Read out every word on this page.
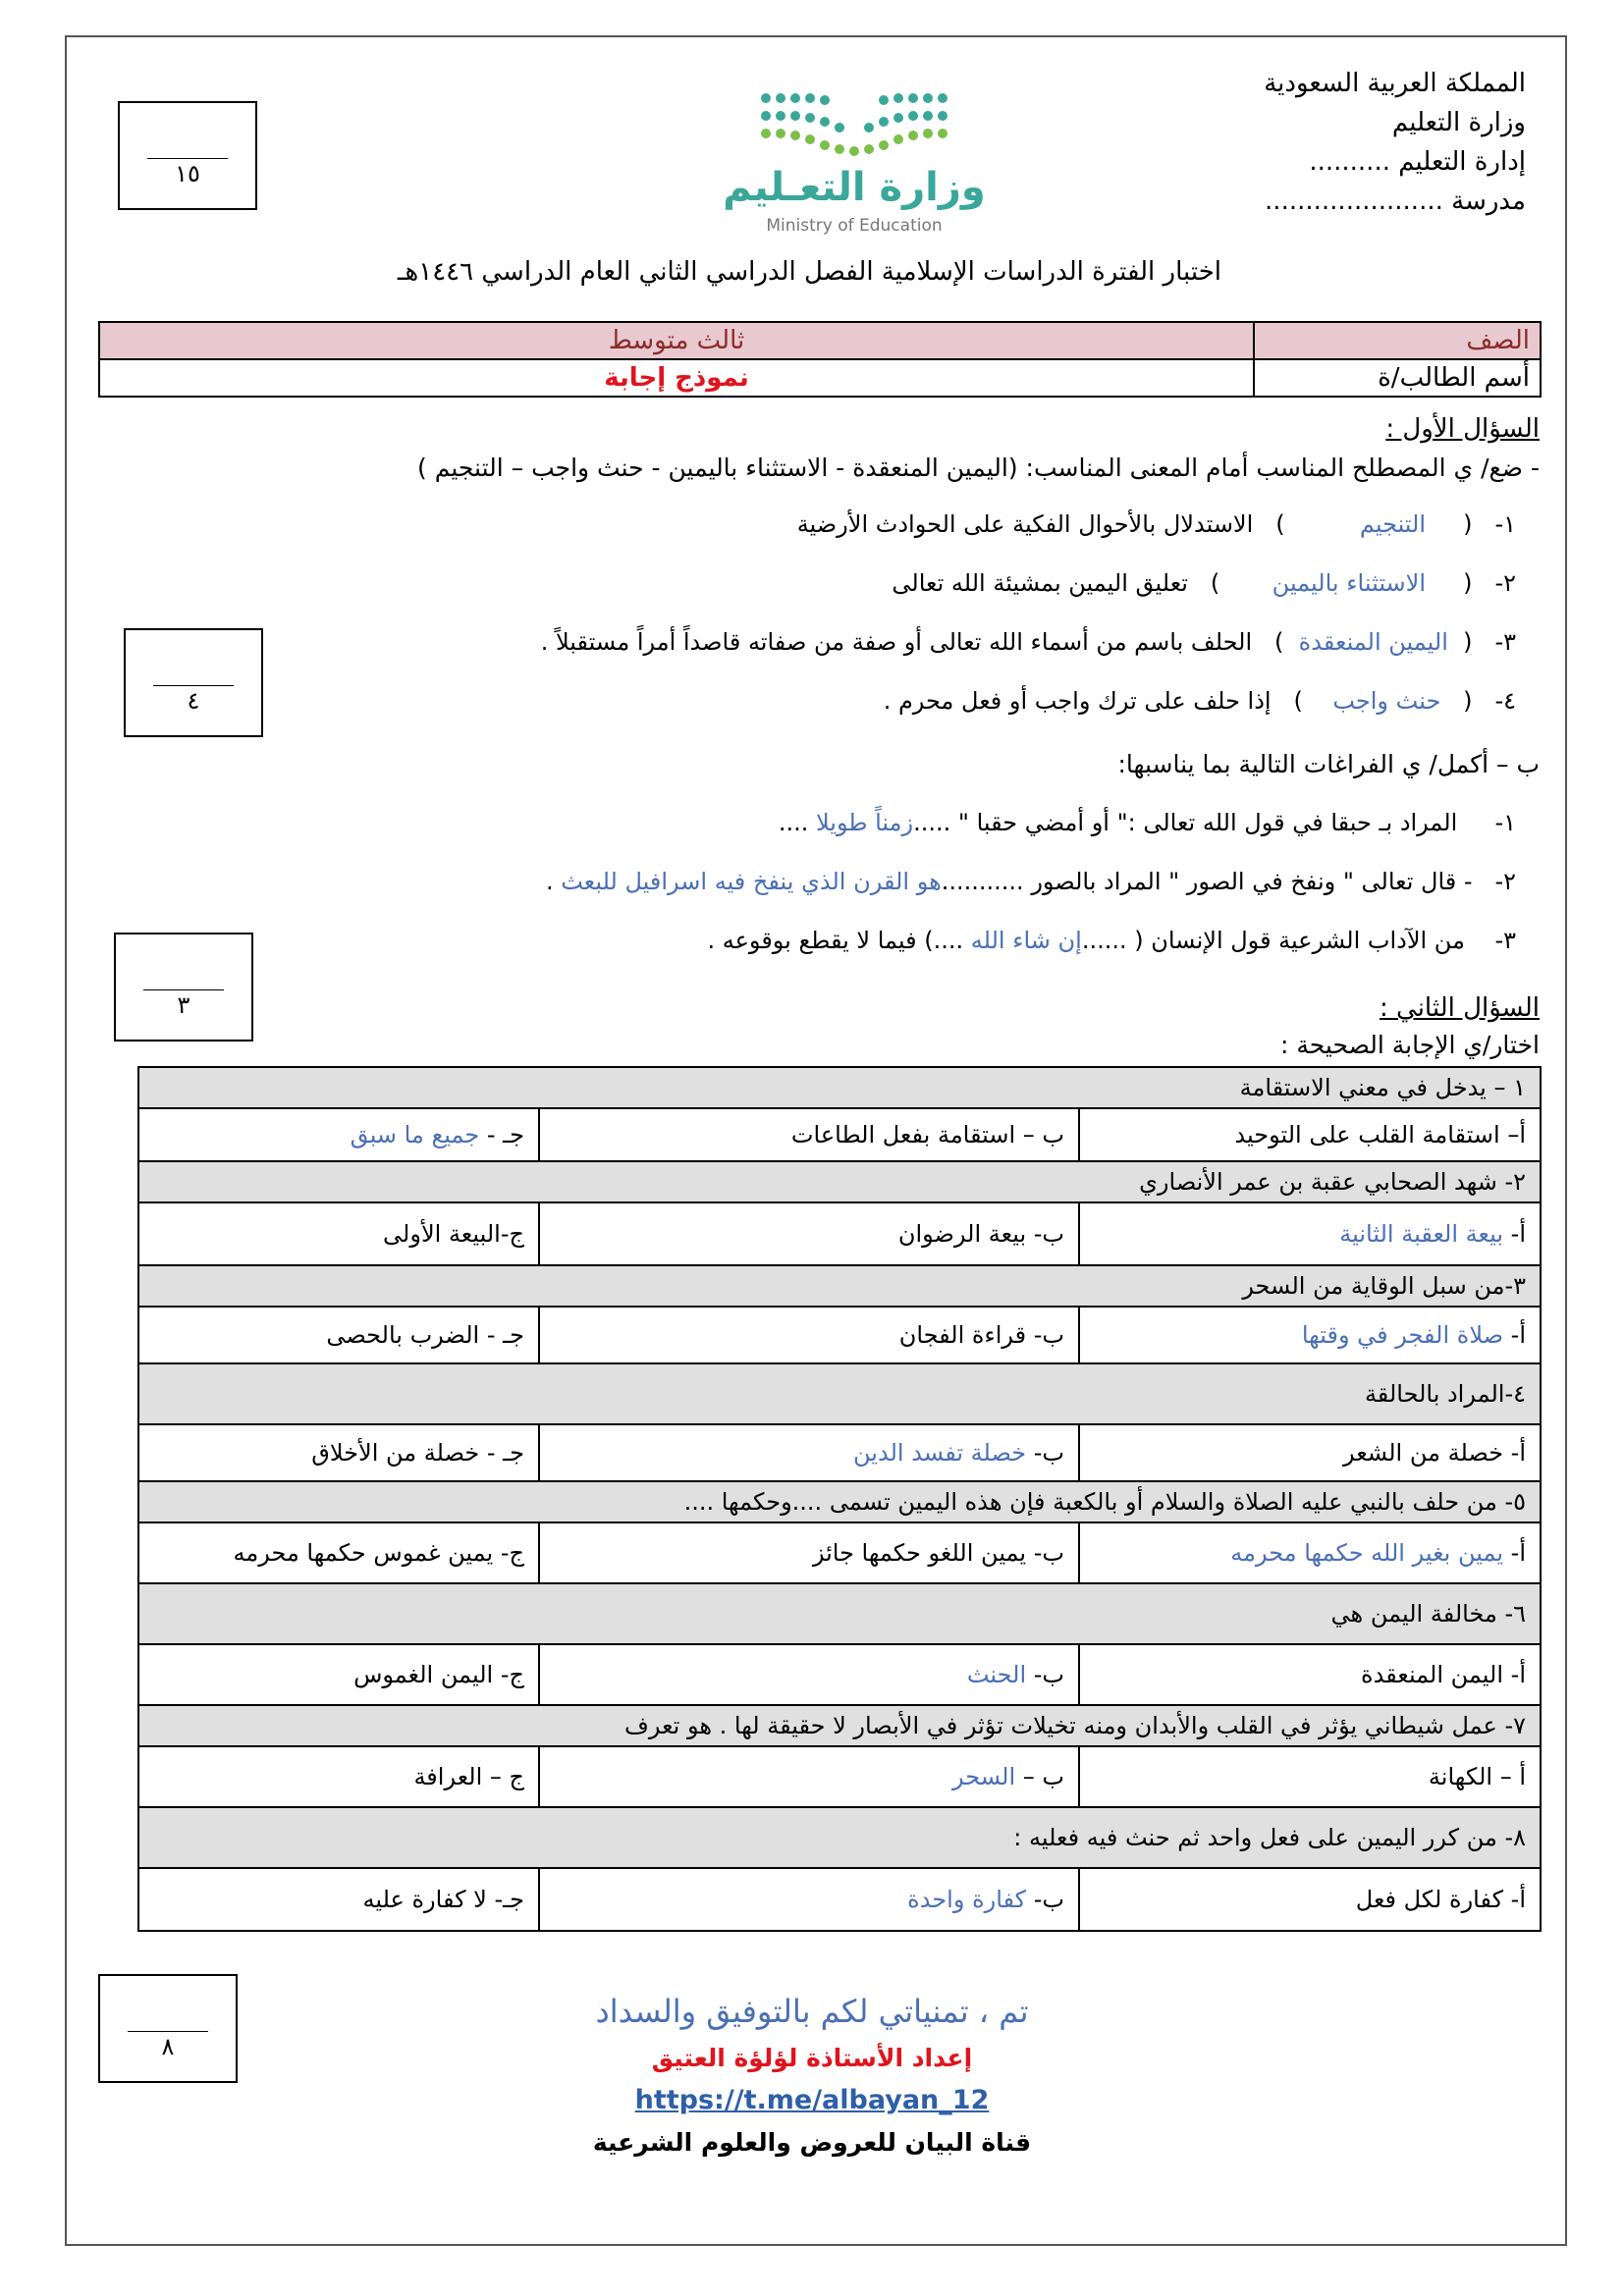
المملكة العربية السعودية
وزارة التعليم
إدارة التعليم ..........
مدرسة ......................
وزارة التعـليم
Ministry of Education
١٥
٤
٣
٨
اختبار الفترة الدراسات الإسلامية الفصل الدراسي الثاني العام الدراسي ١٤٤٦هـ
الصف	ثالث متوسط
أسم الطالب/ة	نموذج إجابة
السؤال الأول :
- ضع/ ي المصطلح المناسب أمام المعنى المناسب: (اليمين المنعقدة - الاستثناء باليمين - حنث واجب – التنجيم )
١-   (     التنجيم          )   الاستدلال بالأحوال الفكية على الحوادث الأرضية
٢-   (     الاستثناء باليمين       )   تعليق اليمين بمشيئة الله تعالى
٣-   (  اليمين المنعقدة  )   الحلف باسم من أسماء الله تعالى أو صفة من صفاته قاصداً أمراً مستقبلاً .
٤-   (   حنث واجب    )   إذا حلف على ترك واجب أو فعل محرم .
ب – أكمل/ ي الفراغات التالية بما يناسبها:
١-     المراد بـ حبقا في قول الله تعالى :" أو أمضي حقبا " .....زمناً طويلا ....
٢-   - قال تعالى " ونفخ في الصور " المراد بالصور ...........هو القرن الذي ينفخ فيه اسرافيل للبعث .
٣-    من الآداب الشرعية قول الإنسان ( ......إن شاء الله ....) فيما لا يقطع بوقوعه .
السؤال الثاني :
اختار/ي الإجابة الصحيحة :
١ – يدخل في معني الاستقامة		
أ– استقامة القلب على التوحيد	ب – استقامة بفعل الطاعات	جـ - جميع ما سبق
٢- شهد الصحابي عقبة بن عمر الأنصاري		
أ- بيعة العقبة الثانية	ب- بيعة الرضوان	ج-البيعة الأولى
٣-من سبل الوقاية من السحر		
أ- صلاة الفجر في وقتها	ب- قراءة الفجان	جـ - الضرب بالحصى
٤-المراد بالحالقة		
أ- خصلة من الشعر	ب- خصلة تفسد الدين	جـ - خصلة من الأخلاق
٥- من حلف بالنبي عليه الصلاة والسلام أو بالكعبة فإن هذه اليمين تسمى ....وحكمها ....		
أ- يمين بغير الله حكمها محرمه	ب- يمين اللغو حكمها جائز	ج- يمين غموس حكمها محرمه
٦- مخالفة اليمن هي		
أ- اليمن المنعقدة	ب- الحنث	ج- اليمن الغموس
٧- عمل شيطاني يؤثر في القلب والأبدان ومنه تخيلات تؤثر في الأبصار لا حقيقة لها . هو تعرف		
أ – الكهانة	ب – السحر	ج – العرافة
٨- من كرر اليمين على فعل واحد ثم حنث فيه فعليه :		
أ- كفارة لكل فعل	ب- كفارة واحدة	جـ- لا كفارة عليه
تم ، تمنياتي لكم بالتوفيق والسداد
إعداد الأستاذة لؤلؤة العتيق
https://t.me/albayan_12
قناة البيان للعروض والعلوم الشرعية
